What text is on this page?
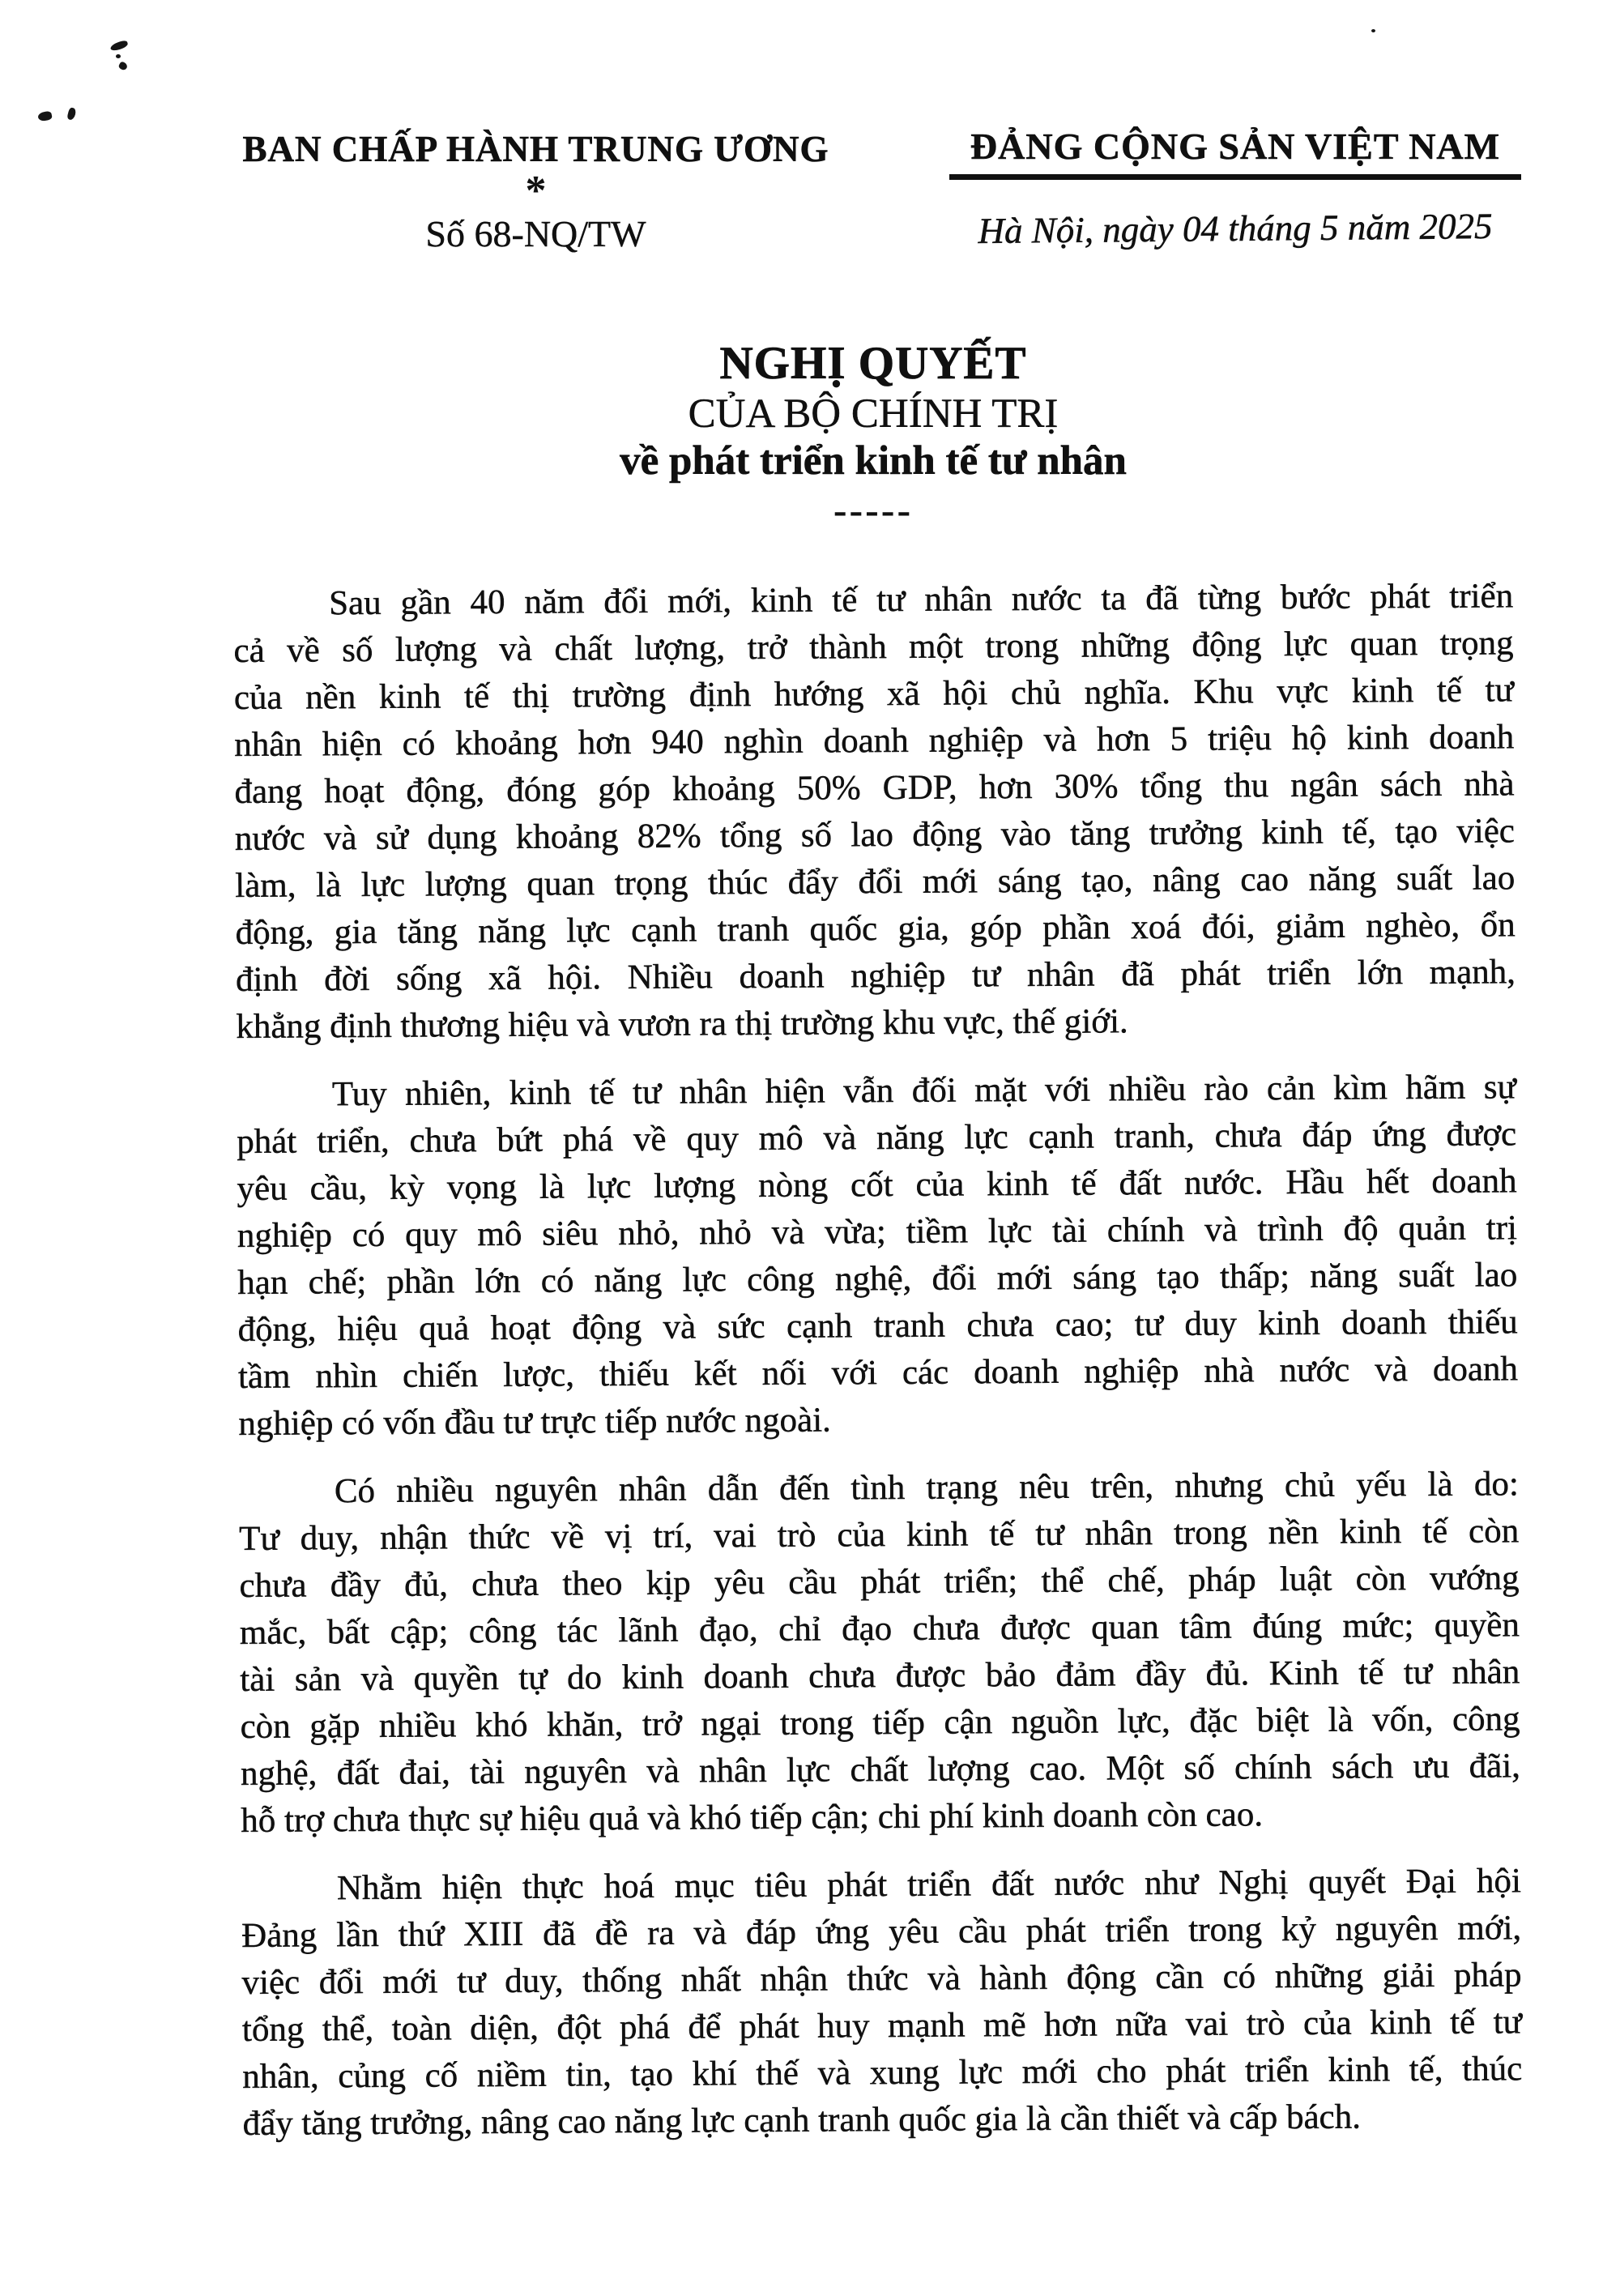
BAN CHẤP HÀNH TRUNG ƯƠNG
*
Số 68-NQ/TW
ĐẢNG CỘNG SẢN VIỆT NAM
Hà Nội, ngày 04 tháng 5 năm 2025
NGHỊ QUYẾT
CỦA BỘ CHÍNH TRỊ
về phát triển kinh tế tư nhân
-----
Sau gần 40 năm đổi mới, kinh tế tư nhân nước ta đã từng bước phát triển
cả về số lượng và chất lượng, trở thành một trong những động lực quan trọng
của nền kinh tế thị trường định hướng xã hội chủ nghĩa. Khu vực kinh tế tư
nhân hiện có khoảng hơn 940 nghìn doanh nghiệp và hơn 5 triệu hộ kinh doanh
đang hoạt động, đóng góp khoảng 50% GDP, hơn 30% tổng thu ngân sách nhà
nước và sử dụng khoảng 82% tổng số lao động vào tăng trưởng kinh tế, tạo việc
làm, là lực lượng quan trọng thúc đẩy đổi mới sáng tạo, nâng cao năng suất lao
động, gia tăng năng lực cạnh tranh quốc gia, góp phần xoá đói, giảm nghèo, ổn
định đời sống xã hội. Nhiều doanh nghiệp tư nhân đã phát triển lớn mạnh,
khẳng định thương hiệu và vươn ra thị trường khu vực, thế giới.
Tuy nhiên, kinh tế tư nhân hiện vẫn đối mặt với nhiều rào cản kìm hãm sự
phát triển, chưa bứt phá về quy mô và năng lực cạnh tranh, chưa đáp ứng được
yêu cầu, kỳ vọng là lực lượng nòng cốt của kinh tế đất nước. Hầu hết doanh
nghiệp có quy mô siêu nhỏ, nhỏ và vừa; tiềm lực tài chính và trình độ quản trị
hạn chế; phần lớn có năng lực công nghệ, đổi mới sáng tạo thấp; năng suất lao
động, hiệu quả hoạt động và sức cạnh tranh chưa cao; tư duy kinh doanh thiếu
tầm nhìn chiến lược, thiếu kết nối với các doanh nghiệp nhà nước và doanh
nghiệp có vốn đầu tư trực tiếp nước ngoài.
Có nhiều nguyên nhân dẫn đến tình trạng nêu trên, nhưng chủ yếu là do:
Tư duy, nhận thức về vị trí, vai trò của kinh tế tư nhân trong nền kinh tế còn
chưa đầy đủ, chưa theo kịp yêu cầu phát triển; thể chế, pháp luật còn vướng
mắc, bất cập; công tác lãnh đạo, chỉ đạo chưa được quan tâm đúng mức; quyền
tài sản và quyền tự do kinh doanh chưa được bảo đảm đầy đủ. Kinh tế tư nhân
còn gặp nhiều khó khăn, trở ngại trong tiếp cận nguồn lực, đặc biệt là vốn, công
nghệ, đất đai, tài nguyên và nhân lực chất lượng cao. Một số chính sách ưu đãi,
hỗ trợ chưa thực sự hiệu quả và khó tiếp cận; chi phí kinh doanh còn cao.
Nhằm hiện thực hoá mục tiêu phát triển đất nước như Nghị quyết Đại hội
Đảng lần thứ XIII đã đề ra và đáp ứng yêu cầu phát triển trong kỷ nguyên mới,
việc đổi mới tư duy, thống nhất nhận thức và hành động cần có những giải pháp
tổng thể, toàn diện, đột phá để phát huy mạnh mẽ hơn nữa vai trò của kinh tế tư
nhân, củng cố niềm tin, tạo khí thế và xung lực mới cho phát triển kinh tế, thúc
đẩy tăng trưởng, nâng cao năng lực cạnh tranh quốc gia là cần thiết và cấp bách.
